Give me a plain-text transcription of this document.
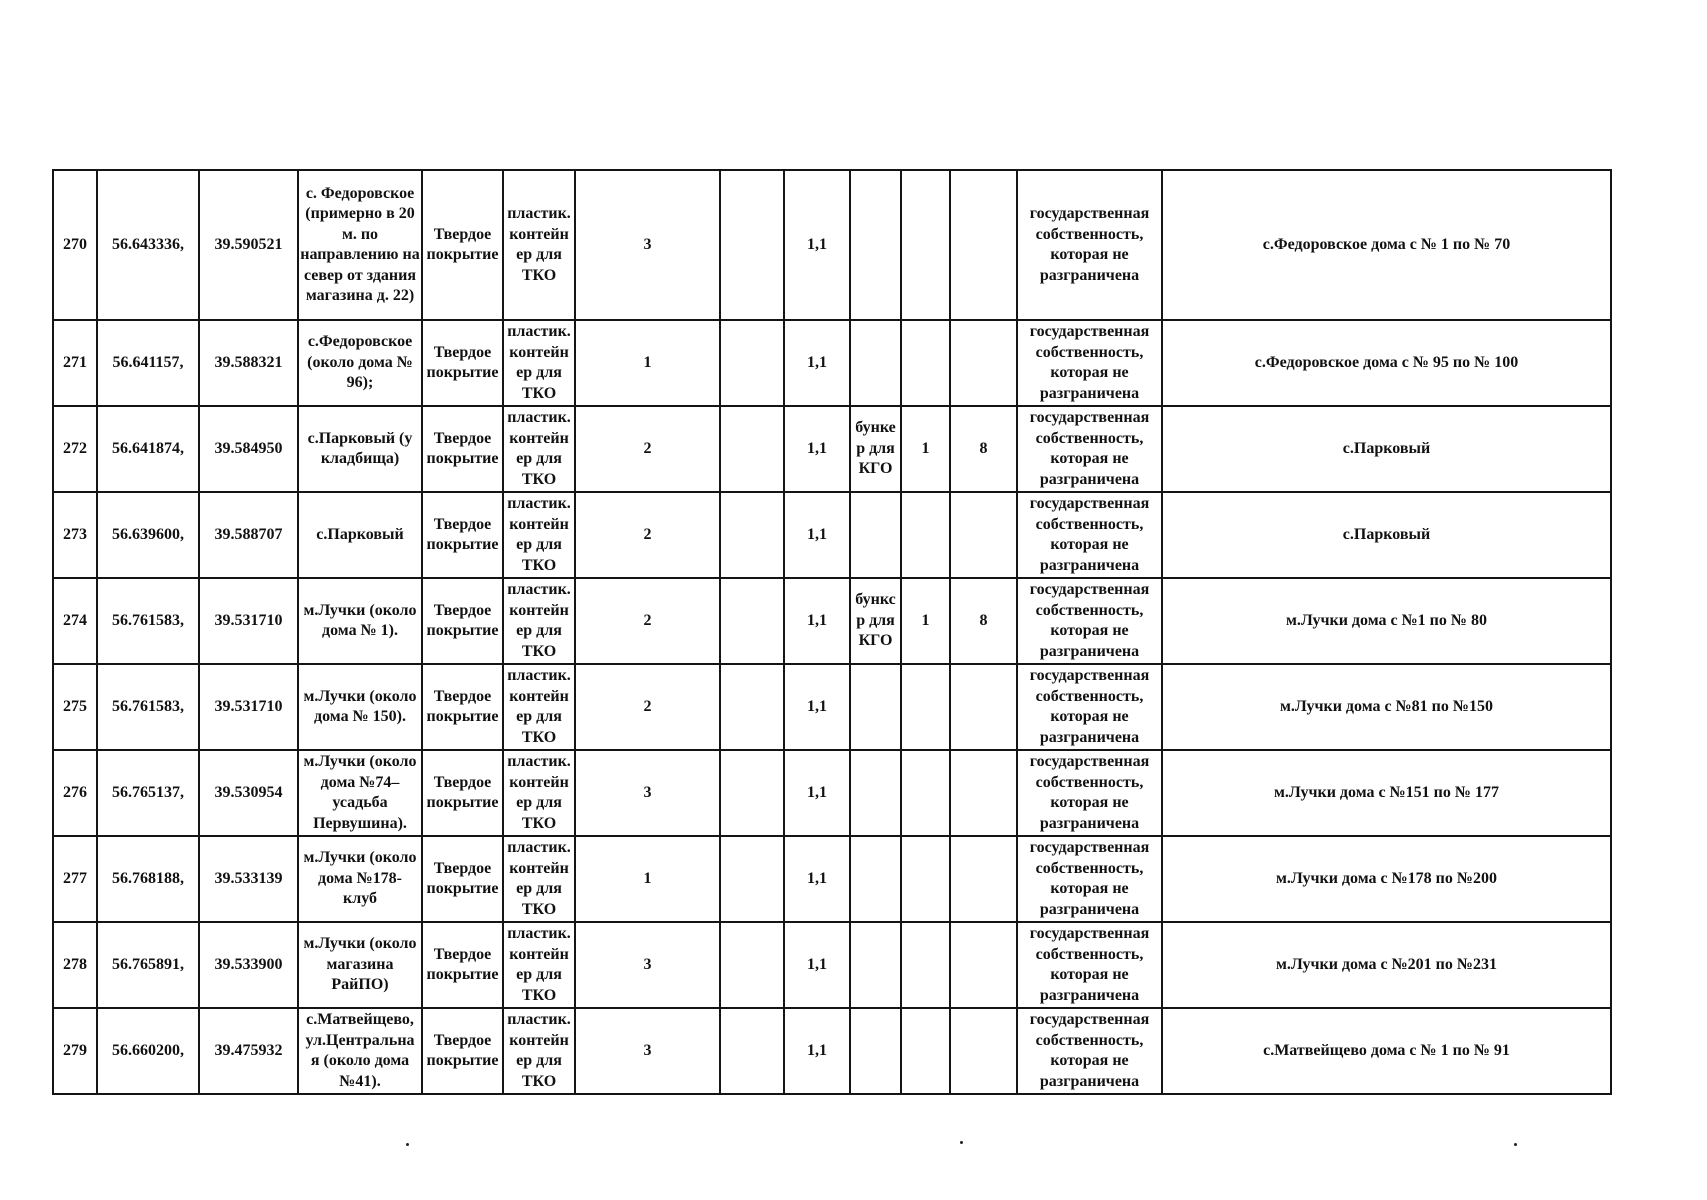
270	56.643336,	39.590521	с. Федоровское (примерно в 20 м. по направлению на север от здания магазина д. 22)	Твердое покрытие	пластик. контейн ер для ТКО	3		1,1				государственная собственность, которая не разграничена	с.Федоровское дома с № 1 по № 70
271	56.641157,	39.588321	с.Федоровское (около дома № 96);	Твердое покрытие	пластик. контейн ер для ТКО	1		1,1				государственная собственность, которая не разграничена	с.Федоровское дома с № 95 по № 100
272	56.641874,	39.584950	с.Парковый (у кладбища)	Твердое покрытие	пластик. контейн ер для ТКО	2		1,1	бунке р для КГО	1	8	государственная собственность, которая не разграничена	с.Парковый
273	56.639600,	39.588707	с.Парковый	Твердое покрытие	пластик. контейн ер для ТКО	2		1,1				государственная собственность, которая не разграничена	с.Парковый
274	56.761583,	39.531710	м.Лучки (около дома № 1).	Твердое покрытие	пластик. контейн ер для ТКО	2		1,1	бункс р для КГО	1	8	государственная собственность, которая не разграничена	м.Лучки дома с №1 по № 80
275	56.761583,	39.531710	м.Лучки (около дома № 150).	Твердое покрытие	пластик. контейн ер для ТКО	2		1,1				государственная собственность, которая не разграничена	м.Лучки дома с №81 по №150
276	56.765137,	39.530954	м.Лучки (около дома №74– усадьба Первушина).	Твердое покрытие	пластик. контейн ер для ТКО	3		1,1				государственная собственность, которая не разграничена	м.Лучки дома с №151 по № 177
277	56.768188,	39.533139	м.Лучки (около дома №178- клуб	Твердое покрытие	пластик. контейн ер для ТКО	1		1,1				государственная собственность, которая не разграничена	м.Лучки дома с №178 по №200
278	56.765891,	39.533900	м.Лучки (около магазина РайПО)	Твердое покрытие	пластик. контейн ер для ТКО	3		1,1				государственная собственность, которая не разграничена	м.Лучки дома с №201 по №231
279	56.660200,	39.475932	с.Матвейщево, ул.Центральна я (около дома №41).	Твердое покрытие	пластик. контейн ер для ТКО	3		1,1				государственная собственность, которая не разграничена	с.Матвейщево дома с № 1 по № 91
